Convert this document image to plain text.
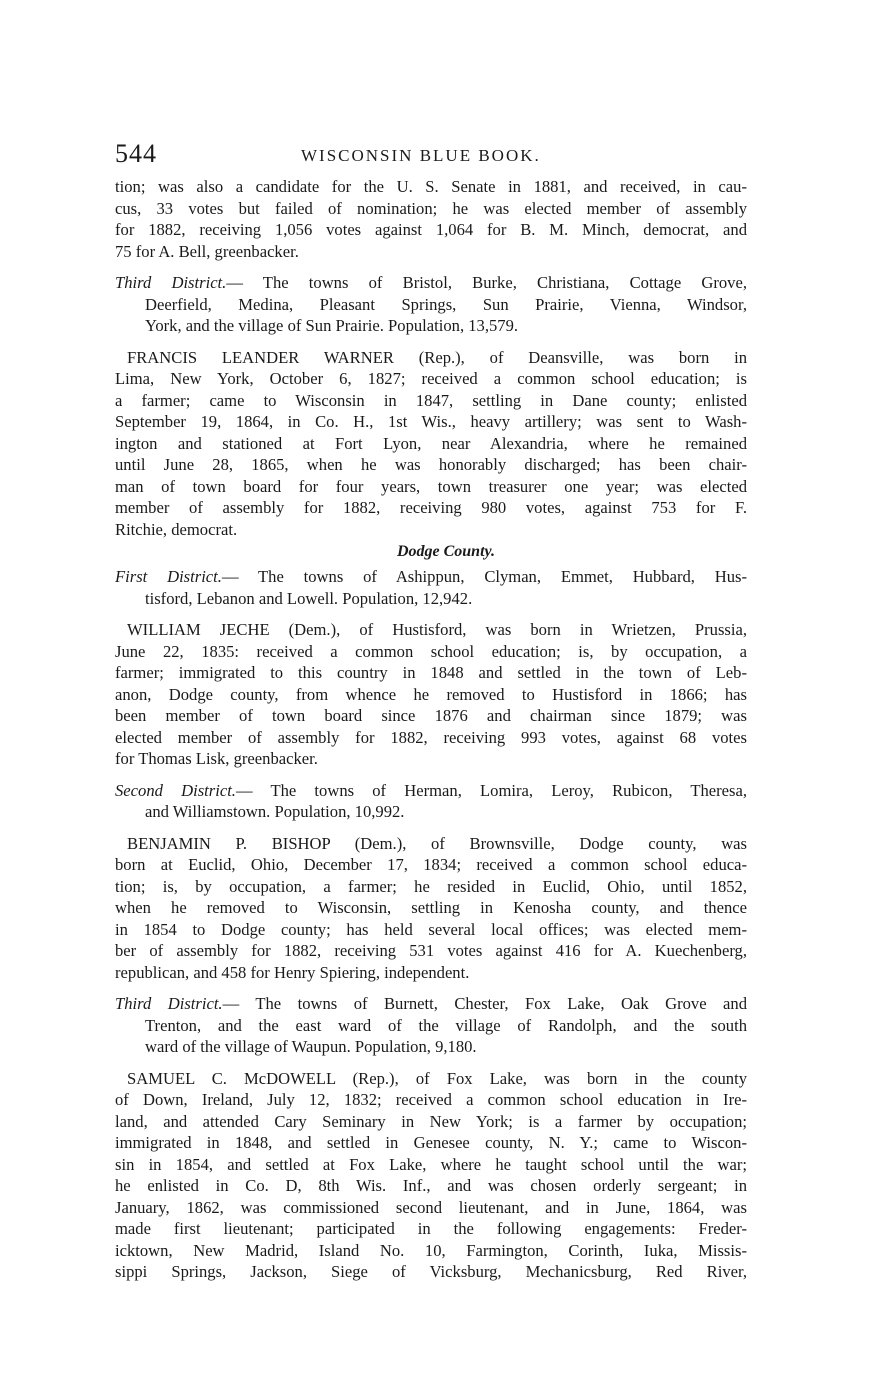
544	WISCONSIN BLUE BOOK.

tion; was also a candidate for the U. S. Senate in 1881, and received, in cau-

cus, 33 votes but failed of nomination; he was elected member of assembly

for 1882, receiving 1,056 votes against 1,064 for B. M. Minch, democrat, and

75 for A. Bell, greenbacker.

Third District.— The towns of Bristol, Burke, Christiana, Cottage Grove,

Deerfield, Medina, Pleasant Springs, Sun Prairie, Vienna, Windsor,

York, and the village of Sun Prairie. Population, 13,579.

FRANCIS LEANDER WARNER (Rep.), of Deansville, was born in

Lima, New York, October 6, 1827; received a common school education; is

a farmer; came to Wisconsin in 1847, settling in Dane county; enlisted

September 19, 1864, in Co. H., 1st Wis., heavy artillery; was sent to Wash-

ington and stationed at Fort Lyon, near Alexandria, where he remained

until June 28, 1865, when he was honorably discharged; has been chair-

man of town board for four years, town treasurer one year; was elected

member of assembly for 1882, receiving 980 votes, against 753 for F.

Ritchie, democrat.

Dodge County.

First District.— The towns of Ashippun, Clyman, Emmet, Hubbard, Hus-

tisford, Lebanon and Lowell. Population, 12,942.

WILLIAM JECHE (Dem.), of Hustisford, was born in Wrietzen, Prussia,

June 22, 1835: received a common school education; is, by occupation, a

farmer; immigrated to this country in 1848 and settled in the town of Leb-

anon, Dodge county, from whence he removed to Hustisford in 1866; has

been member of town board since 1876 and chairman since 1879; was

elected member of assembly for 1882, receiving 993 votes, against 68 votes

for Thomas Lisk, greenbacker.

Second District.— The towns of Herman, Lomira, Leroy, Rubicon, Theresa,

and Williamstown. Population, 10,992.

BENJAMIN P. BISHOP (Dem.), of Brownsville, Dodge county, was

born at Euclid, Ohio, December 17, 1834; received a common school educa-

tion; is, by occupation, a farmer; he resided in Euclid, Ohio, until 1852,

when he removed to Wisconsin, settling in Kenosha county, and thence

in 1854 to Dodge county; has held several local offices; was elected mem-

ber of assembly for 1882, receiving 531 votes against 416 for A. Kuechenberg,

republican, and 458 for Henry Spiering, independent.

Third District.— The towns of Burnett, Chester, Fox Lake, Oak Grove and

Trenton, and the east ward of the village of Randolph, and the south

ward of the village of Waupun. Population, 9,180.

SAMUEL C. McDOWELL (Rep.), of Fox Lake, was born in the county

of Down, Ireland, July 12, 1832; received a common school education in Ire-

land, and attended Cary Seminary in New York; is a farmer by occupation;

immigrated in 1848, and settled in Genesee county, N. Y.; came to Wiscon-

sin in 1854, and settled at Fox Lake, where he taught school until the war;

he enlisted in Co. D, 8th Wis. Inf., and was chosen orderly sergeant; in

January, 1862, was commissioned second lieutenant, and in June, 1864, was

made first lieutenant; participated in the following engagements: Freder-

icktown, New Madrid, Island No. 10, Farmington, Corinth, Iuka, Missis-

sippi Springs, Jackson, Siege of Vicksburg, Mechanicsburg, Red River,
